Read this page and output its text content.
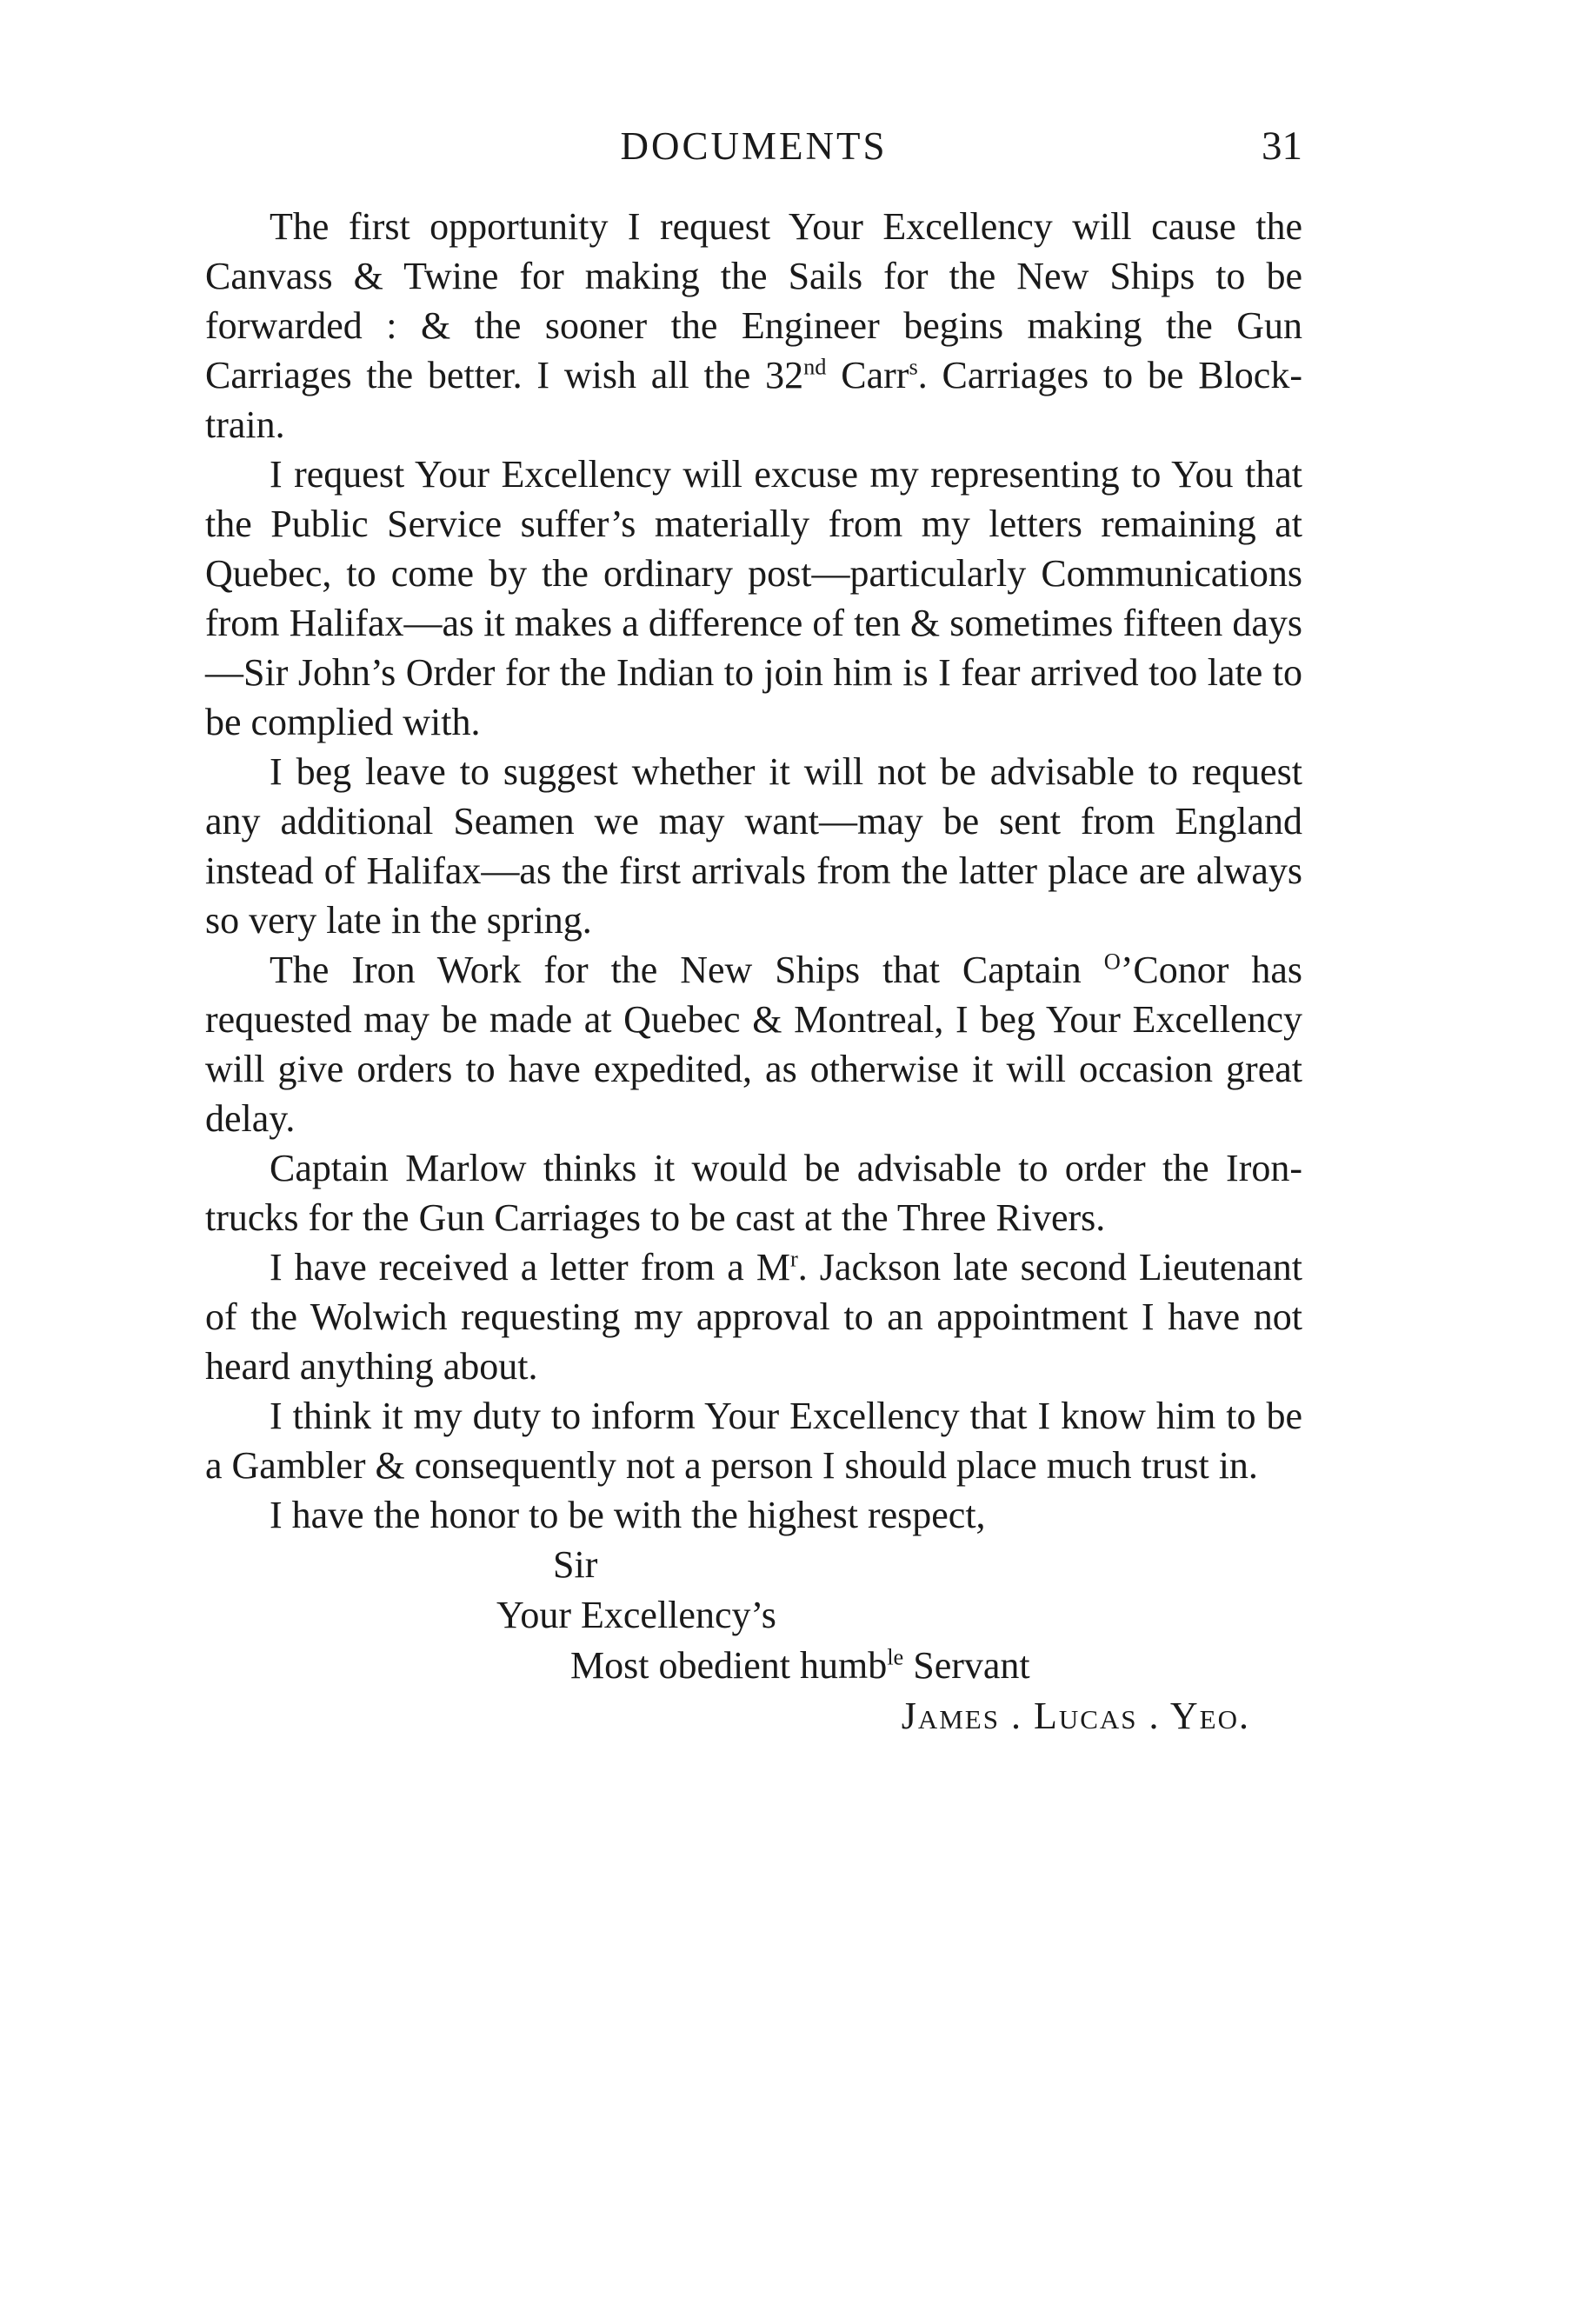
DOCUMENTS	31

The first opportunity I request Your Excellency will cause the Canvass & Twine for making the Sails for the New Ships to be forwarded : & the sooner the Engineer begins making the Gun Carriages the better. I wish all the 32nd Carr$^s$. Carriages to be Block-train.

I request Your Excellency will excuse my representing to You that the Public Service suffer’s materially from my letters remaining at Quebec, to come by the ordinary post—particularly Communications from Halifax—as it makes a difference of ten & sometimes fifteen days—Sir John’s Order for the Indian to join him is I fear arrived too late to be complied with.

I beg leave to suggest whether it will not be advisable to request any additional Seamen we may want—may be sent from England instead of Halifax—as the first arrivals from the latter place are always so very late in the spring.

The Iron Work for the New Ships that Captain $^O$’Conor has requested may be made at Quebec & Montreal, I beg Your Excellency will give orders to have expedited, as otherwise it will occasion great delay.

Captain Marlow thinks it would be advisable to order the Iron-trucks for the Gun Carriages to be cast at the Three Rivers.

I have received a letter from a $M^r$. Jackson late second Lieutenant of the Wolwich requesting my approval to an appointment I have not heard anything about.

I think it my duty to inform Your Excellency that I know him to be a Gambler & consequently not a person I should place much trust in.

I have the honor to be with the highest respect,

Sir

Your Excellency’s

Most obedient humb$^{le}$ Servant

James . Lucas . Yeo.
